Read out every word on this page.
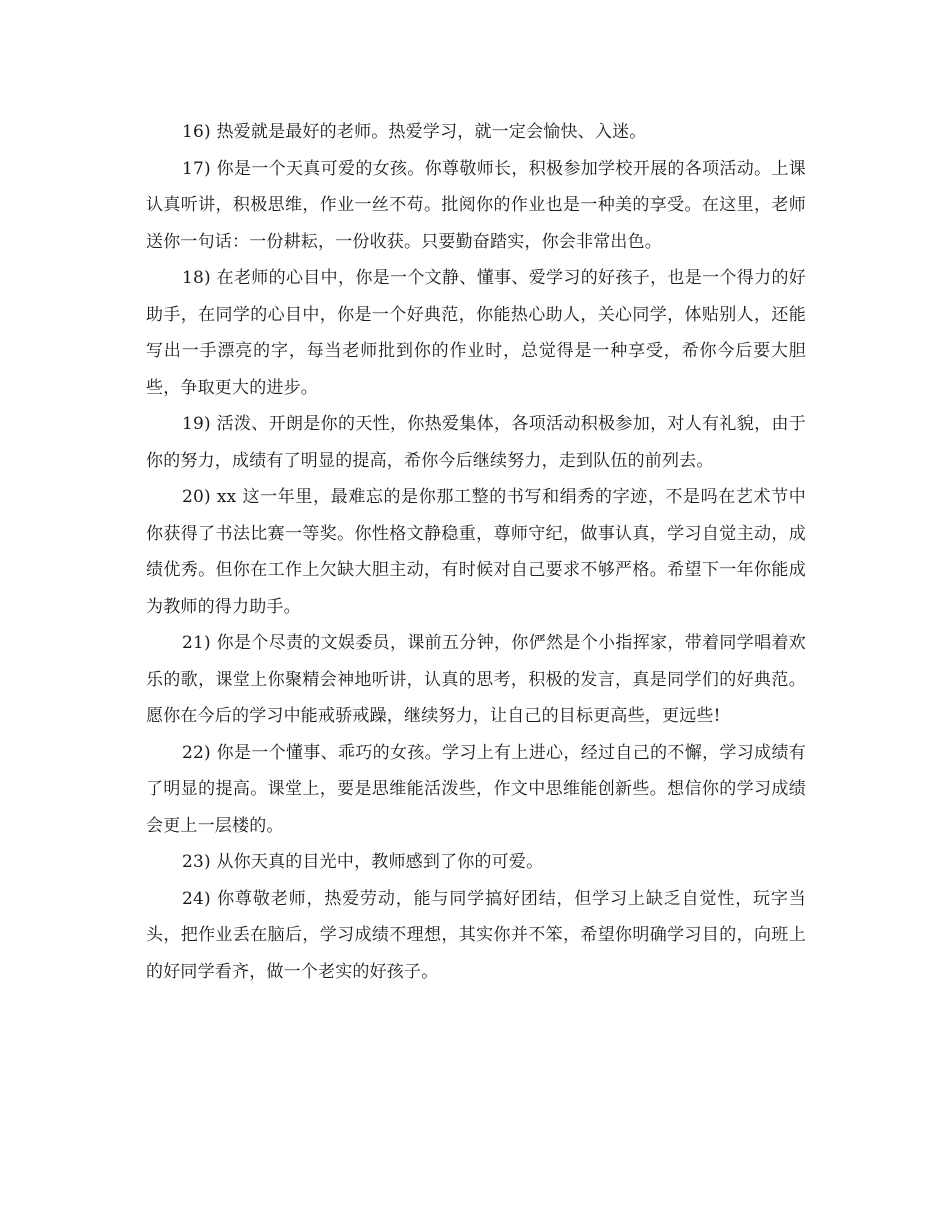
16) 热爱就是最好的老师。热爱学习，就一定会愉快、入迷。

17) 你是一个天真可爱的女孩。你尊敬师长，积极参加学校开展的各项活动。上课认真听讲，积极思维，作业一丝不苟。批阅你的作业也是一种美的享受。在这里，老师送你一句话：一份耕耘，一份收获。只要勤奋踏实，你会非常出色。

18) 在老师的心目中，你是一个文静、懂事、爱学习的好孩子，也是一个得力的好助手，在同学的心目中，你是一个好典范，你能热心助人，关心同学，体贴别人，还能写出一手漂亮的字，每当老师批到你的作业时，总觉得是一种享受，希你今后要大胆些，争取更大的进步。

19) 活泼、开朗是你的天性，你热爱集体，各项活动积极参加，对人有礼貌，由于你的努力，成绩有了明显的提高，希你今后继续努力，走到队伍的前列去。

20) xx 这一年里，最难忘的是你那工整的书写和绢秀的字迹，不是吗在艺术节中你获得了书法比赛一等奖。你性格文静稳重，尊师守纪，做事认真，学习自觉主动，成绩优秀。但你在工作上欠缺大胆主动，有时候对自己要求不够严格。希望下一年你能成为教师的得力助手。

21) 你是个尽责的文娱委员，课前五分钟，你俨然是个小指挥家，带着同学唱着欢乐的歌，课堂上你聚精会神地听讲，认真的思考，积极的发言，真是同学们的好典范。愿你在今后的学习中能戒骄戒躁，继续努力，让自己的目标更高些，更远些!

22) 你是一个懂事、乖巧的女孩。学习上有上进心，经过自己的不懈，学习成绩有了明显的提高。课堂上，要是思维能活泼些，作文中思维能创新些。想信你的学习成绩会更上一层楼的。

23) 从你天真的目光中，教师感到了你的可爱。

24) 你尊敬老师，热爱劳动，能与同学搞好团结，但学习上缺乏自觉性，玩字当头，把作业丢在脑后，学习成绩不理想，其实你并不笨，希望你明确学习目的，向班上的好同学看齐，做一个老实的好孩子。
